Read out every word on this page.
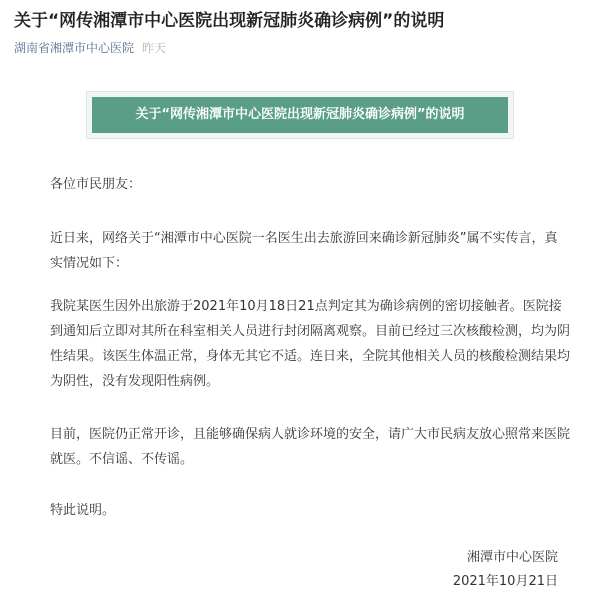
关于“网传湘潭市中心医院出现新冠肺炎确诊病例”的说明
湖南省湘潭市中心医院 昨天
关于“网传湘潭市中心医院出现新冠肺炎确诊病例”的说明

各位市民朋友：

近日来，网络关于“湘潭市中心医院一名医生出去旅游回来确诊新冠肺炎”属不实传言，真实情况如下：

我院某医生因外出旅游于2021年10月18日21点判定其为确诊病例的密切接触者。医院接到通知后立即对其所在科室相关人员进行封闭隔离观察。目前已经过三次核酸检测，均为阴性结果。该医生体温正常，身体无其它不适。连日来，全院其他相关人员的核酸检测结果均为阴性，没有发现阳性病例。

目前，医院仍正常开诊，且能够确保病人就诊环境的安全，请广大市民病友放心照常来医院就医。不信谣、不传谣。

特此说明。

湘潭市中心医院
2021年10月21日
